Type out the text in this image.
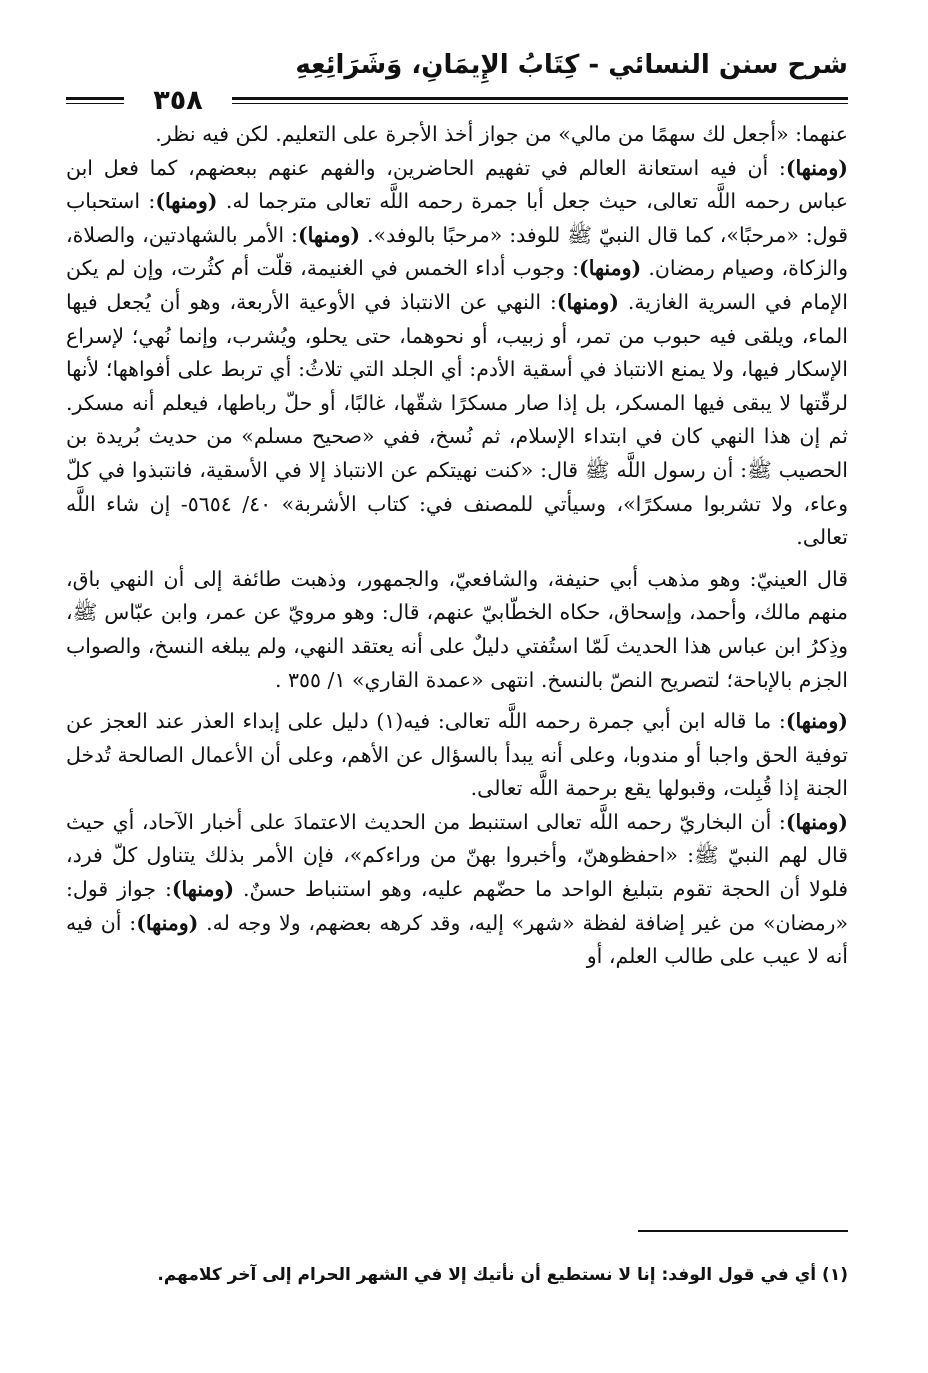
شرح سنن النسائي - كِتَابُ الإِيمَانِ، وَشَرَائِعِهِ
٣٥٨

عنهما: «أجعل لك سهمًا من مالي» من جواز أخذ الأجرة على التعليم. لكن فيه نظر.

(ومنها): أن فيه استعانة العالم في تفهيم الحاضرين، والفهم عنهم ببعضهم، كما فعل ابن عباس رحمه اللَّه تعالى، حيث جعل أبا جمرة رحمه اللَّه تعالى مترجما له. (ومنها): استحباب قول: «مرحبًا»، كما قال النبيّ ﷺ للوفد: «مرحبًا بالوفد». (ومنها): الأمر بالشهادتين، والصلاة، والزكاة، وصيام رمضان. (ومنها): وجوب أداء الخمس في الغنيمة، قلّت أم كثُرت، وإن لم يكن الإمام في السرية الغازية. (ومنها): النهي عن الانتباذ في الأوعية الأربعة، وهو أن يُجعل فيها الماء، ويلقى فيه حبوب من تمر، أو زبيب، أو نحوهما، حتى يحلو، ويُشرب، وإنما نُهي؛ لإسراع الإسكار فيها، ولا يمنع الانتباذ في أسقية الأدم: أي الجلد التي تلاثُ: أي تربط على أفواهها؛ لأنها لرقّتها لا يبقى فيها المسكر، بل إذا صار مسكرًا شقّها، غالبًا، أو حلّ رباطها، فيعلم أنه مسكر. ثم إن هذا النهي كان في ابتداء الإسلام، ثم نُسخ، ففي «صحيح مسلم» من حديث بُريدة بن الحصيب ﷺ: أن رسول اللَّه ﷺ قال: «كنت نهيتكم عن الانتباذ إلا في الأسقية، فانتبذوا في كلّ وعاء، ولا تشربوا مسكرًا»، وسيأتي للمصنف في: كتاب الأشربة» ٤٠/ ٥٦٥٤- إن شاء اللَّه تعالى.

قال العينيّ: وهو مذهب أبي حنيفة، والشافعيّ، والجمهور، وذهبت طائفة إلى أن النهي باق، منهم مالك، وأحمد، وإسحاق، حكاه الخطّابيّ عنهم، قال: وهو مرويّ عن عمر، وابن عبّاس ﷺ، وذِكرُ ابن عباس هذا الحديث لَمّا استُفتي دليلٌ على أنه يعتقد النهي، ولم يبلغه النسخ، والصواب الجزم بالإباحة؛ لتصريح النصّ بالنسخ. انتهى «عمدة القاري» ١/ ٣٥٥ .

(ومنها): ما قاله ابن أبي جمرة رحمه اللَّه تعالى: فيه(١) دليل على إبداء العذر عند العجز عن توفية الحق واجبا أو مندوبا، وعلى أنه يبدأ بالسؤال عن الأهم، وعلى أن الأعمال الصالحة تُدخل الجنة إذا قُبِلت، وقبولها يقع برحمة اللَّه تعالى.

(ومنها): أن البخاريّ رحمه اللَّه تعالى استنبط من الحديث الاعتمادَ على أخبار الآحاد، أي حيث قال لهم النبيّ ﷺ: «احفظوهنّ، وأخبروا بهنّ من وراءكم»، فإن الأمر بذلك يتناول كلّ فرد، فلولا أن الحجة تقوم بتبليغ الواحد ما حضّهم عليه، وهو استنباط حسنٌ. (ومنها): جواز قول: «رمضان» من غير إضافة لفظة «شهر» إليه، وقد كرهه بعضهم، ولا وجه له. (ومنها): أن فيه أنه لا عيب على طالب العلم، أو

(١) أي في قول الوفد: إنا لا نستطيع أن نأتيك إلا في الشهر الحرام إلى آخر كلامهم.
